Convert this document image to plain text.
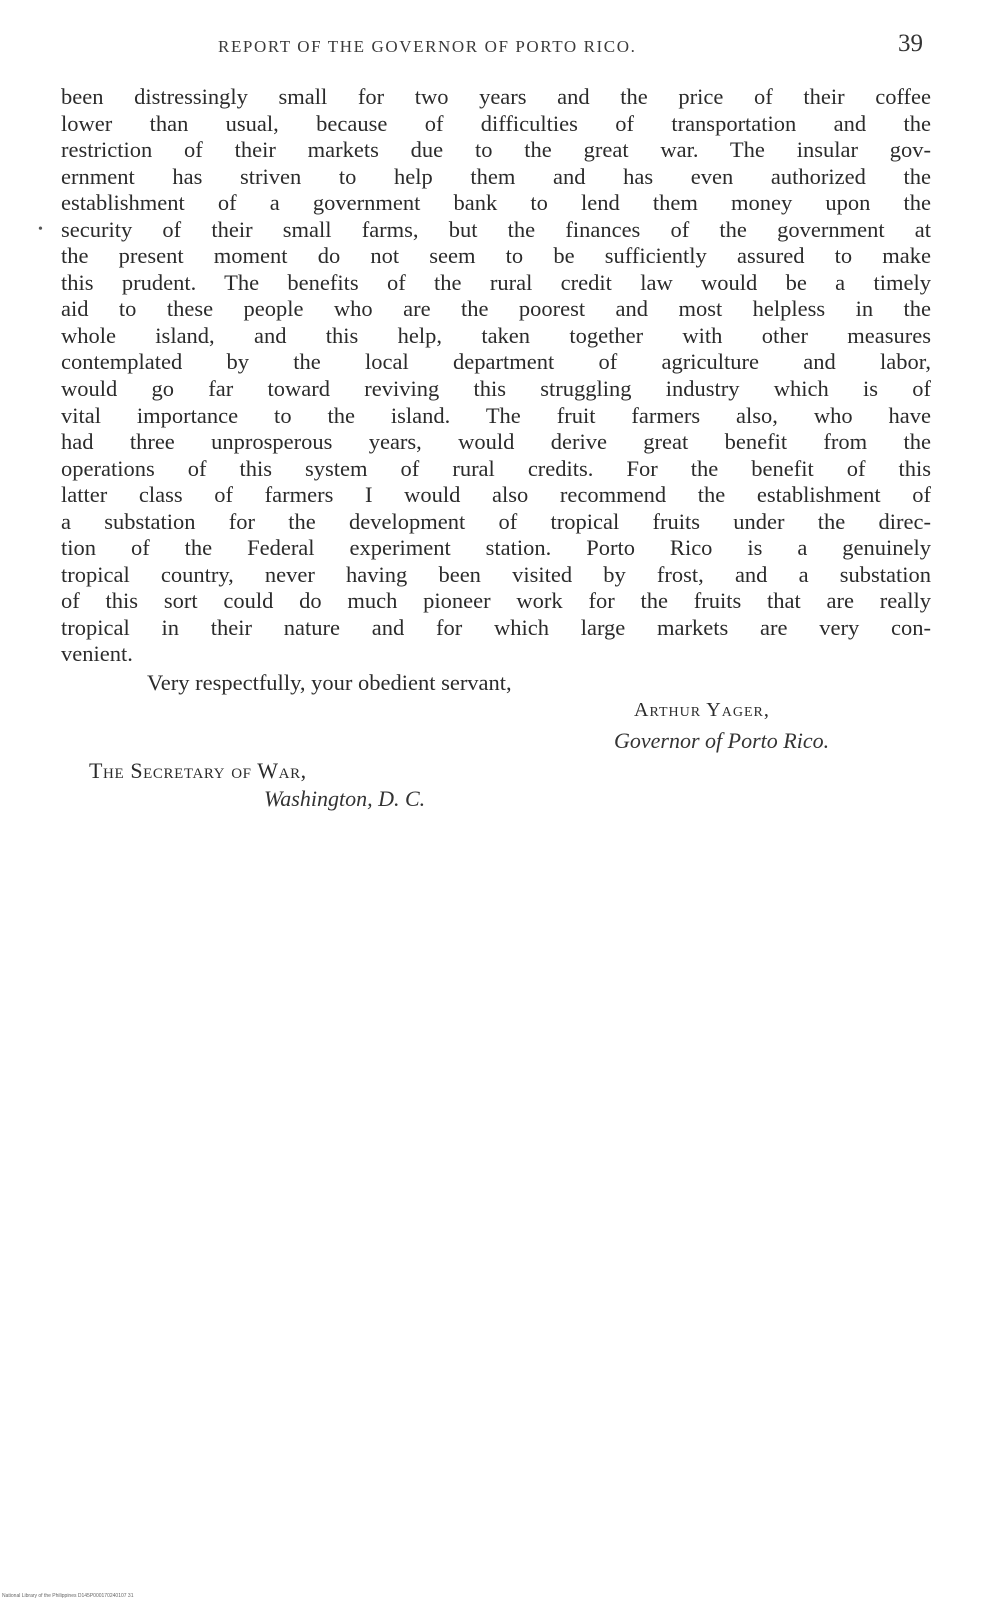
REPORT OF THE GOVERNOR OF PORTO RICO.	39
•
been distressingly small for two years and the price of their coffee
lower than usual, because of difficulties of transportation and the
restriction of their markets due to the great war. The insular gov-
ernment has striven to help them and has even authorized the
establishment of a government bank to lend them money upon the
security of their small farms, but the finances of the government at
the present moment do not seem to be sufficiently assured to make
this prudent. The benefits of the rural credit law would be a timely
aid to these people who are the poorest and most helpless in the
whole island, and this help, taken together with other measures
contemplated by the local department of agriculture and labor,
would go far toward reviving this struggling industry which is of
vital importance to the island. The fruit farmers also, who have
had three unprosperous years, would derive great benefit from the
operations of this system of rural credits. For the benefit of this
latter class of farmers I would also recommend the establishment of
a substation for the development of tropical fruits under the direc-
tion of the Federal experiment station. Porto Rico is a genuinely
tropical country, never having been visited by frost, and a substation
of this sort could do much pioneer work for the fruits that are really
tropical in their nature and for which large markets are very con-
venient.
Very respectfully, your obedient servant,
Arthur Yager,
Governor of Porto Rico.
The Secretary of War,
Washington, D. C.
National Library of the Philippines D145P000170240107 31
